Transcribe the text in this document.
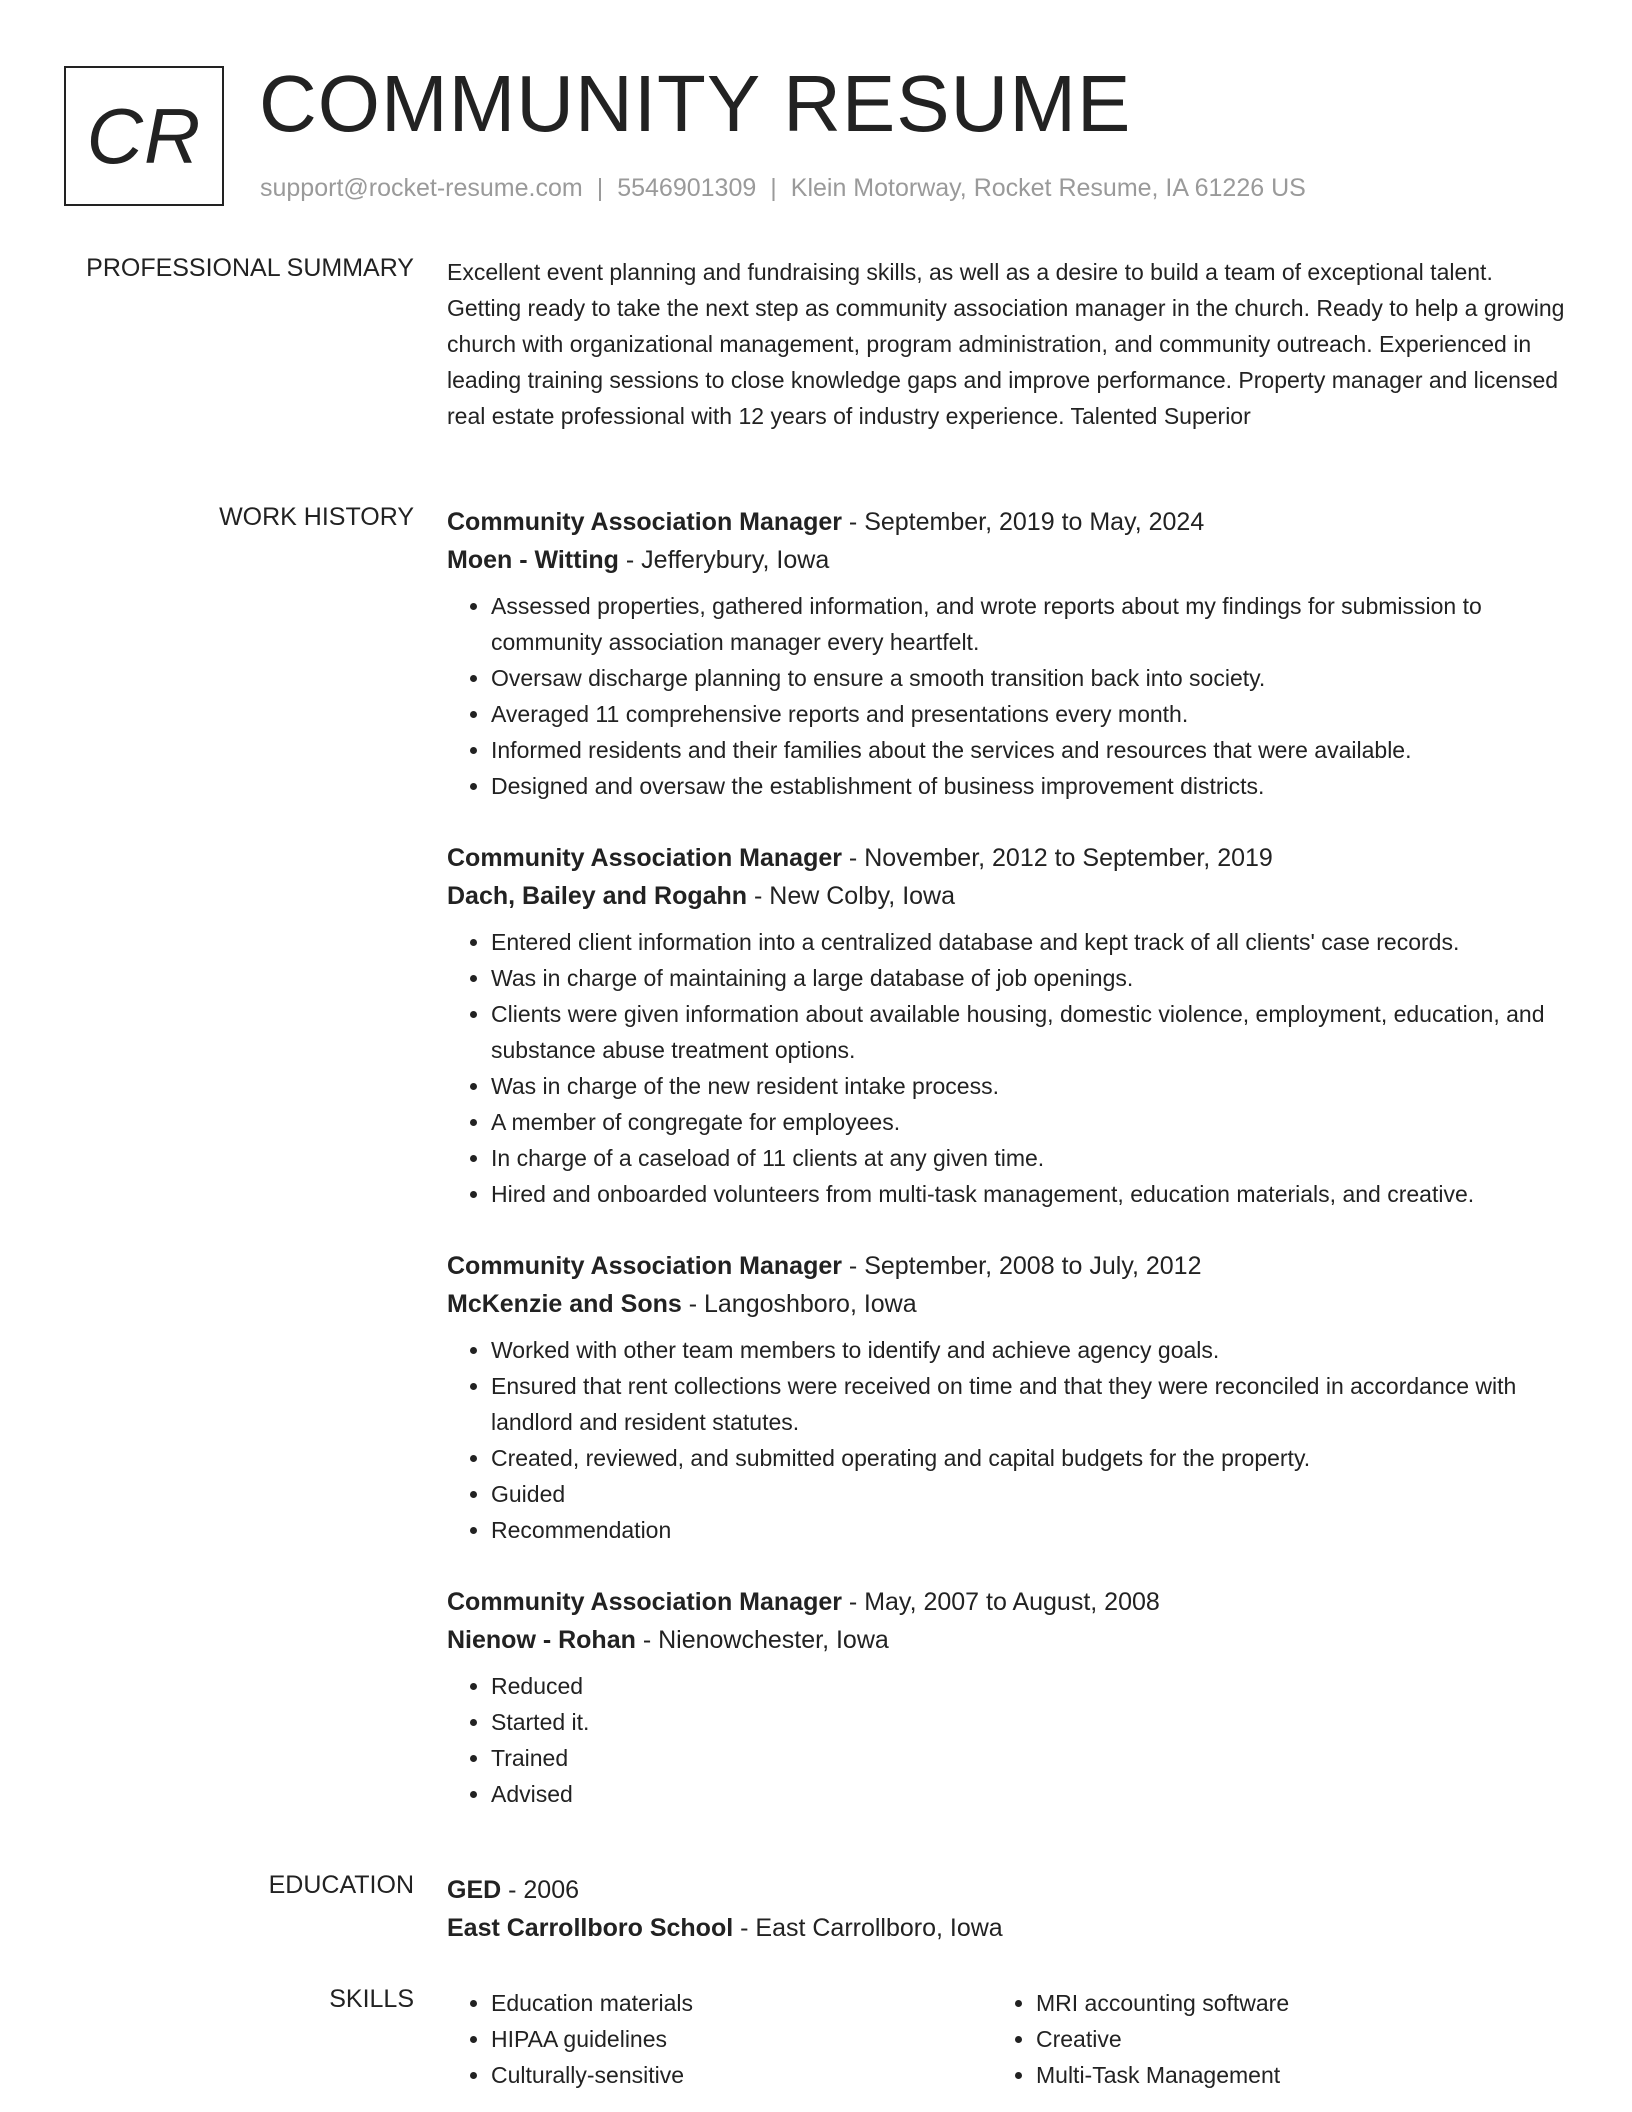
CR COMMUNITY RESUME
support@rocket-resume.com | 5546901309 | Klein Motorway, Rocket Resume, IA 61226 US
PROFESSIONAL SUMMARY Excellent event planning and fundraising skills, as well as a desire to build a team of exceptional talent. Getting ready to take the next step as community association manager in the church. Ready to help a growing church with organizational management, program administration, and community outreach. Experienced in leading training sessions to close knowledge gaps and improve performance. Property manager and licensed real estate professional with 12 years of industry experience. Talented Superior

WORK HISTORY Community Association Manager - September, 2019 to May, 2024
Moen - Witting - Jefferybury, Iowa
• Assessed properties, gathered information, and wrote reports about my findings for submission to community association manager every heartfelt.
• Oversaw discharge planning to ensure a smooth transition back into society.
• Averaged 11 comprehensive reports and presentations every month.
• Informed residents and their families about the services and resources that were available.
• Designed and oversaw the establishment of business improvement districts.
Community Association Manager - November, 2012 to September, 2019
Dach, Bailey and Rogahn - New Colby, Iowa
• Entered client information into a centralized database and kept track of all clients' case records.
• Was in charge of maintaining a large database of job openings.
• Clients were given information about available housing, domestic violence, employment, education, and substance abuse treatment options.
• Was in charge of the new resident intake process.
• A member of congregate for employees.
• In charge of a caseload of 11 clients at any given time.
• Hired and onboarded volunteers from multi-task management, education materials, and creative.
Community Association Manager - September, 2008 to July, 2012
McKenzie and Sons - Langoshboro, Iowa
• Worked with other team members to identify and achieve agency goals.
• Ensured that rent collections were received on time and that they were reconciled in accordance with landlord and resident statutes.
• Created, reviewed, and submitted operating and capital budgets for the property.
• Guided
• Recommendation
Community Association Manager - May, 2007 to August, 2008
Nienow - Rohan - Nienowchester, Iowa
• Reduced
• Started it.
• Trained
• Advised
EDUCATION GED - 2006
East Carrollboro School - East Carrollboro, Iowa
SKILLS
•	Education materials
• HIPAA guidelines
• Culturally-sensitive
• MRI accounting software
• Creative
• Multi-Task Management
